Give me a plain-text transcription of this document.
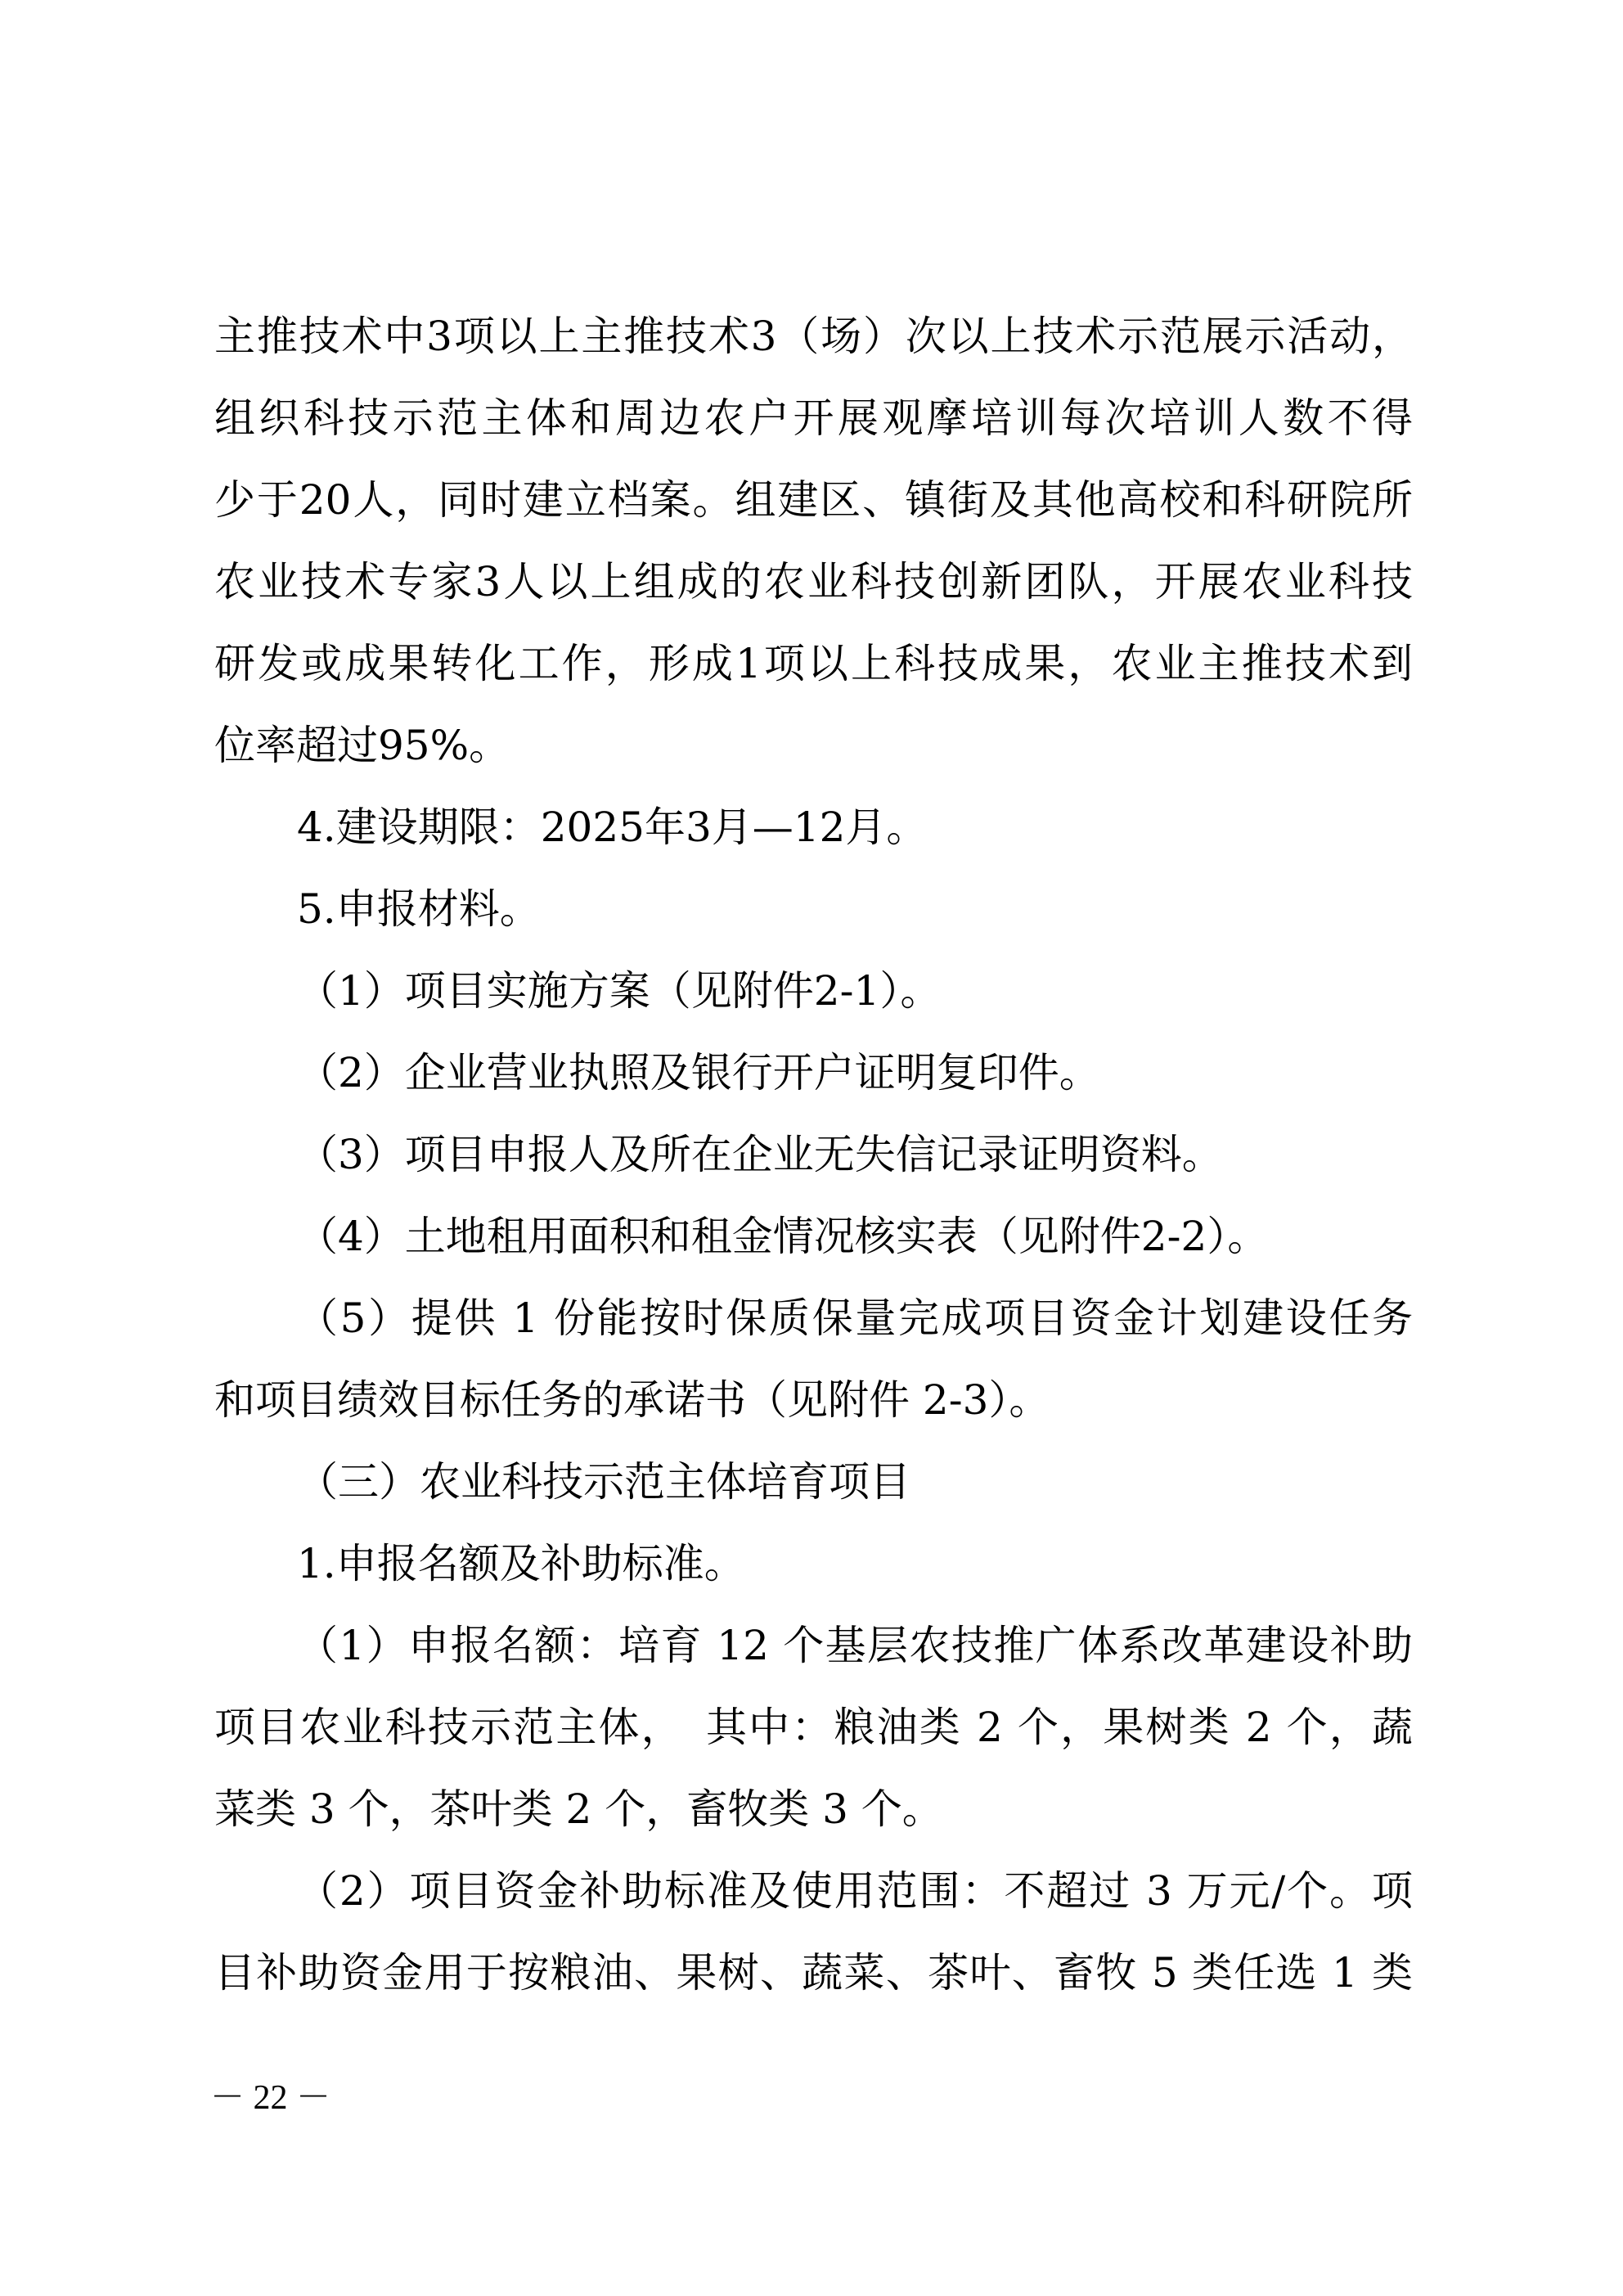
主推技术中3项以上主推技术3（场）次以上技术示范展示活动，
组织科技示范主体和周边农户开展观摩培训每次培训人数不得
少于20人，同时建立档案。组建区、镇街及其他高校和科研院所
农业技术专家3人以上组成的农业科技创新团队，开展农业科技
研发或成果转化工作，形成1项以上科技成果，农业主推技术到
位率超过95%。
4.建设期限：2025年3月—12月。
5.申报材料。
（1）项目实施方案（见附件2-1）。
（2）企业营业执照及银行开户证明复印件。
（3）项目申报人及所在企业无失信记录证明资料。
（4）土地租用面积和租金情况核实表（见附件2-2）。
（5）提供 1 份能按时保质保量完成项目资金计划建设任务
和项目绩效目标任务的承诺书（见附件 2-3）。
（三）农业科技示范主体培育项目
1.申报名额及补助标准。
（1）申报名额：培育 12 个基层农技推广体系改革建设补助
项目农业科技示范主体，　其中：粮油类 2 个，果树类 2 个，蔬
菜类 3 个，茶叶类 2 个，畜牧类 3 个。
（2）项目资金补助标准及使用范围：不超过 3 万元/个。项
目补助资金用于按粮油、果树、蔬菜、茶叶、畜牧 5 类任选 1 类
－ 22 －
